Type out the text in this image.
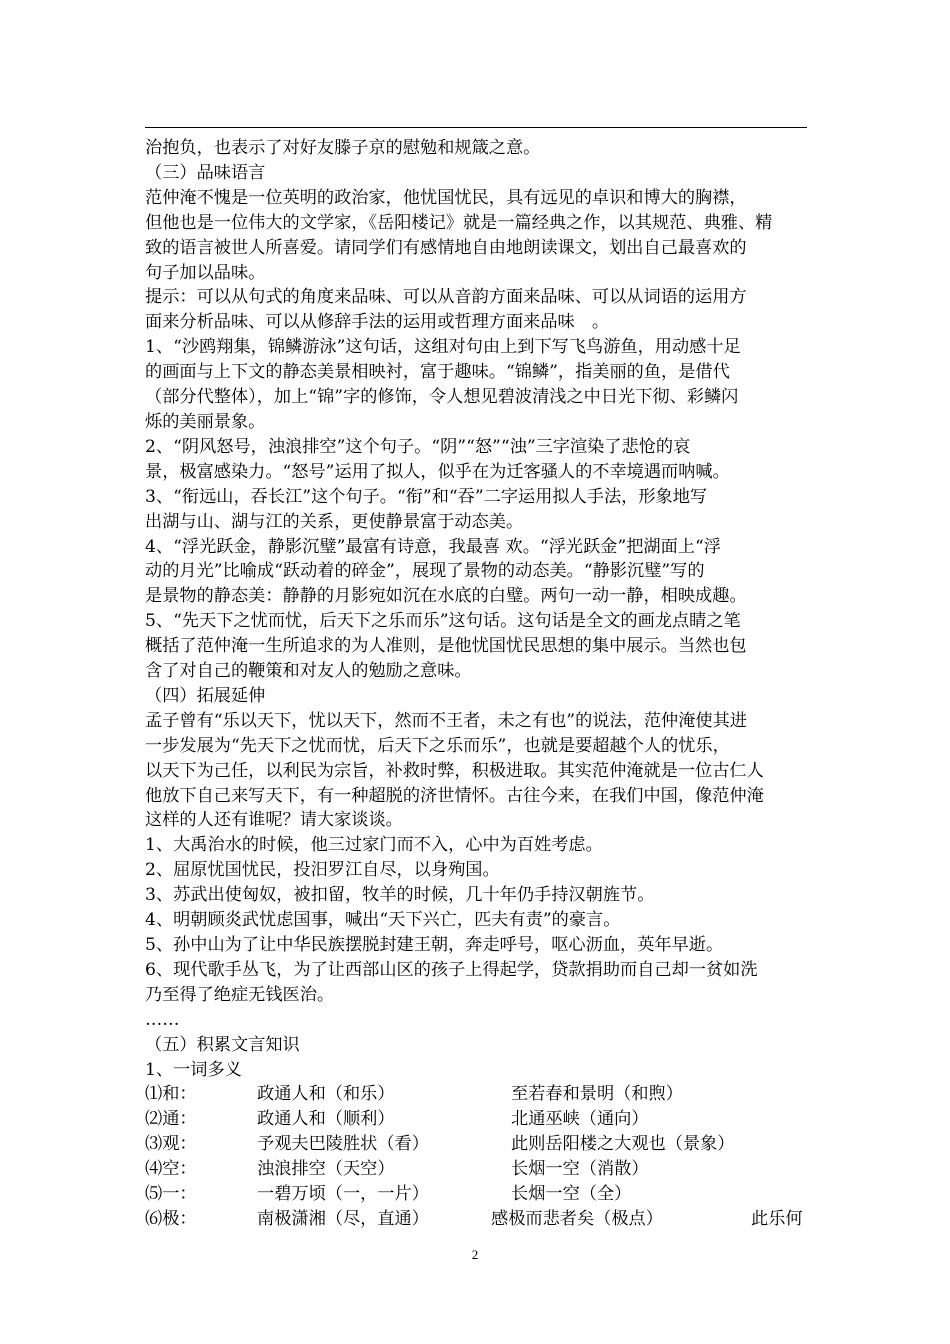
治抱负，也表示了对好友滕子京的慰勉和规箴之意。

（三）品味语言

范仲淹不愧是一位英明的政治家，他忧国忧民，具有远见的卓识和博大的胸襟，

但他也是一位伟大的文学家，《岳阳楼记》就是一篇经典之作，以其规范、典雅、精

致的语言被世人所喜爱。请同学们有感情地自由地朗读课文，划出自己最喜欢的

句子加以品味。

提示：可以从句式的角度来品味、可以从音韵方面来品味、可以从词语的运用方

面来分析品味、可以从修辞手法的运用或哲理方面来品味　。

1、“沙鸥翔集，锦鳞游泳”这句话，这组对句由上到下写飞鸟游鱼，用动感十足

的画面与上下文的静态美景相映衬，富于趣味。“锦鳞”，指美丽的鱼，是借代

（部分代整体），加上“锦”字的修饰，令人想见碧波清浅之中日光下彻、彩鳞闪

烁的美丽景象。

2、“阴风怒号，浊浪排空”这个句子。“阴”“怒”“浊”三字渲染了悲怆的哀

景，极富感染力。“怒号”运用了拟人，似乎在为迁客骚人的不幸境遇而呐喊。

3、“衔远山，吞长江”这个句子。“衔”和“吞”二字运用拟人手法，形象地写

出湖与山、湖与江的关系，更使静景富于动态美。

4、“浮光跃金，静影沉璧”最富有诗意，我最喜 欢。“浮光跃金”把湖面上“浮

动的月光”比喻成“跃动着的碎金”，展现了景物的动态美。“静影沉璧”写的

是景物的静态美：静静的月影宛如沉在水底的白璧。两句一动一静，相映成趣。

5、“先天下之忧而忧，后天下之乐而乐”这句话。这句话是全文的画龙点睛之笔

概括了范仲淹一生所追求的为人准则，是他忧国忧民思想的集中展示。当然也包

含了对自己的鞭策和对友人的勉励之意味。

（四）拓展延伸

孟子曾有“乐以天下，忧以天下，然而不王者，未之有也”的说法，范仲淹使其进

一步发展为“先天下之忧而忧，后天下之乐而乐”，也就是要超越个人的忧乐，

以天下为己任，以利民为宗旨，补救时弊，积极进取。其实范仲淹就是一位古仁人

他放下自己来写天下，有一种超脱的济世情怀。古往今来，在我们中国，像范仲淹

这样的人还有谁呢？请大家谈谈。

1、大禹治水的时候，他三过家门而不入，心中为百姓考虑。

2、屈原忧国忧民，投汨罗江自尽，以身殉国。

3、苏武出使匈奴，被扣留，牧羊的时候，几十年仍手持汉朝旌节。

4、明朝顾炎武忧虑国事，喊出“天下兴亡，匹夫有责”的豪言。

5、孙中山为了让中华民族摆脱封建王朝，奔走呼号，呕心沥血，英年早逝。

6、现代歌手丛飞，为了让西部山区的孩子上得起学，贷款捐助而自己却一贫如洗

乃至得了绝症无钱医治。

……

（五）积累文言知识

1、一词多义

⑴和：	政通人和（和乐）	至若春和景明（和煦）
⑵通：	政通人和（顺利）	北通巫峡（通向）
⑶观：	予观夫巴陵胜状（看）	此则岳阳楼之大观也（景象）
⑷空：	浊浪排空（天空）	长烟一空（消散）
⑸一：	一碧万顷（一，一片）	长烟一空（全）
⑹极：	南极潇湘（尽，直通）	感极而悲者矣（极点）	此乐何
2
